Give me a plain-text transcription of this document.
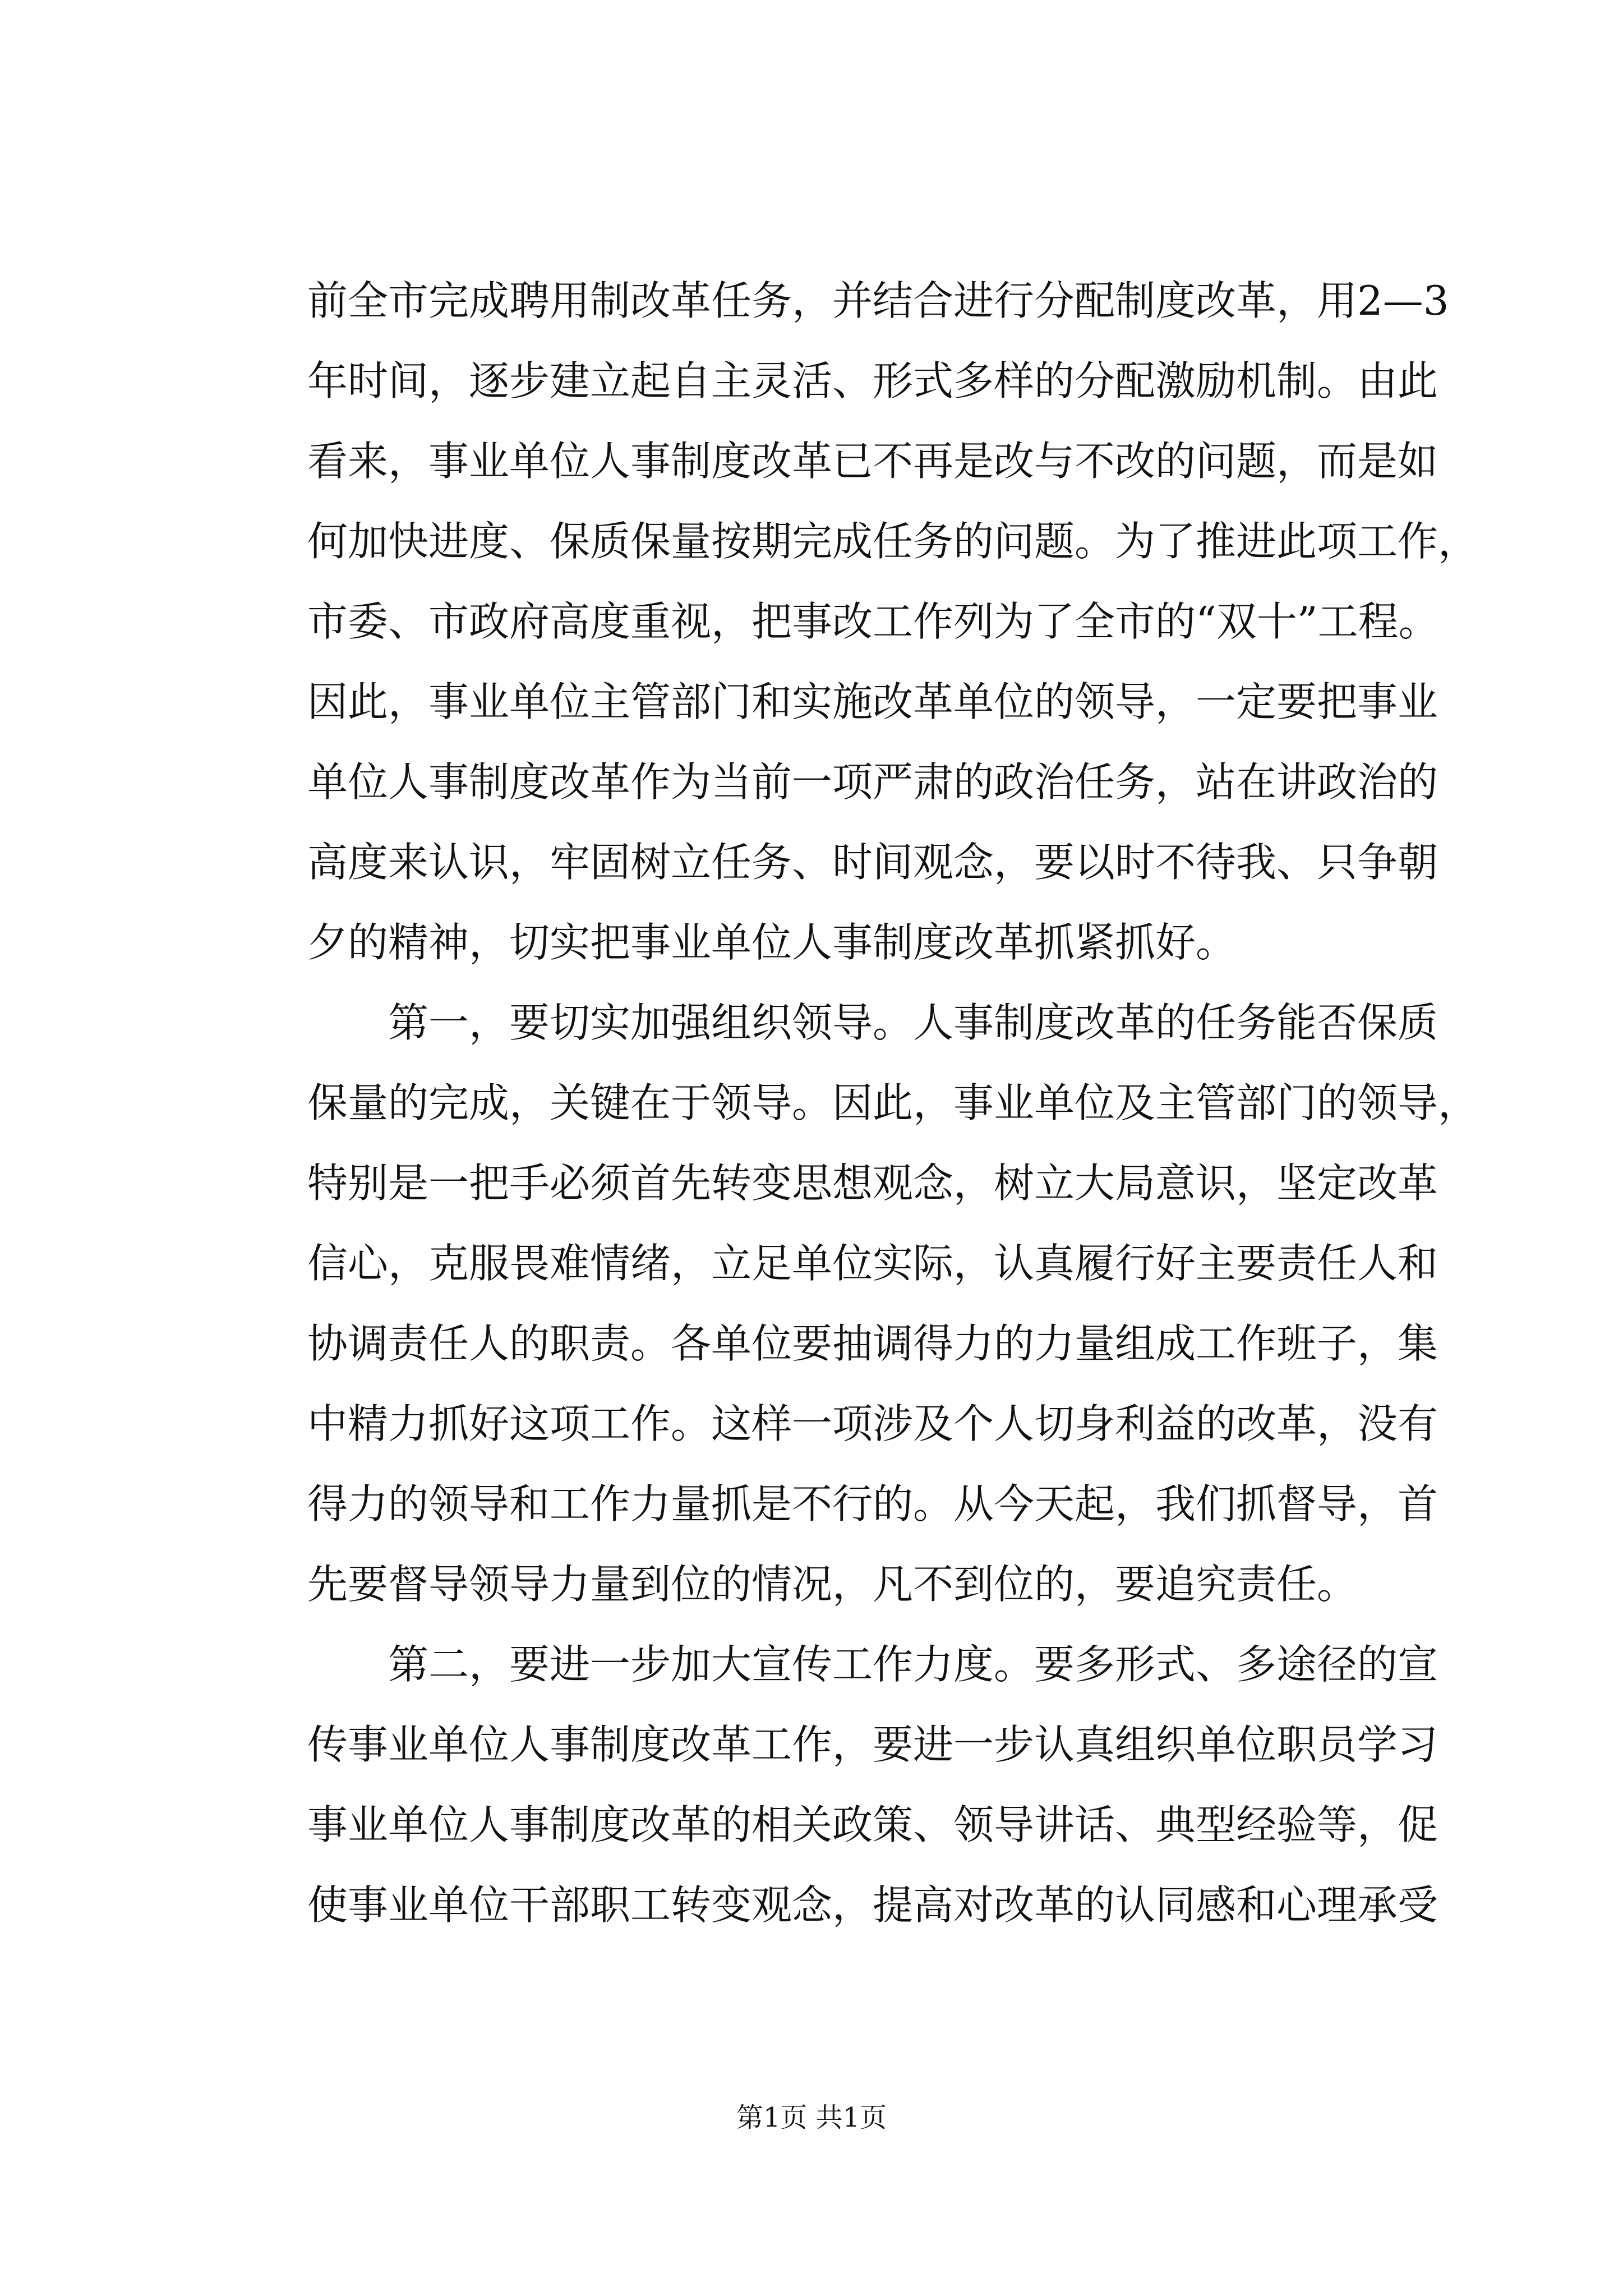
前全市完成聘用制改革任务，并结合进行分配制度改革，用2—3
年时间，逐步建立起自主灵活、形式多样的分配激励机制。由此
看来，事业单位人事制度改革已不再是改与不改的问题，而是如
何加快进度、保质保量按期完成任务的问题。为了推进此项工作，
市委、市政府高度重视，把事改工作列为了全市的“双十”工程。
因此，事业单位主管部门和实施改革单位的领导，一定要把事业
单位人事制度改革作为当前一项严肃的政治任务，站在讲政治的
高度来认识，牢固树立任务、时间观念，要以时不待我、只争朝
夕的精神，切实把事业单位人事制度改革抓紧抓好。
第一，要切实加强组织领导。人事制度改革的任务能否保质
保量的完成，关键在于领导。因此，事业单位及主管部门的领导，
特别是一把手必须首先转变思想观念，树立大局意识，坚定改革
信心，克服畏难情绪，立足单位实际，认真履行好主要责任人和
协调责任人的职责。各单位要抽调得力的力量组成工作班子，集
中精力抓好这项工作。这样一项涉及个人切身利益的改革，没有
得力的领导和工作力量抓是不行的。从今天起，我们抓督导，首
先要督导领导力量到位的情况，凡不到位的，要追究责任。
第二，要进一步加大宣传工作力度。要多形式、多途径的宣
传事业单位人事制度改革工作，要进一步认真组织单位职员学习
事业单位人事制度改革的相关政策、领导讲话、典型经验等，促
使事业单位干部职工转变观念，提高对改革的认同感和心理承受
第1页 共1页
